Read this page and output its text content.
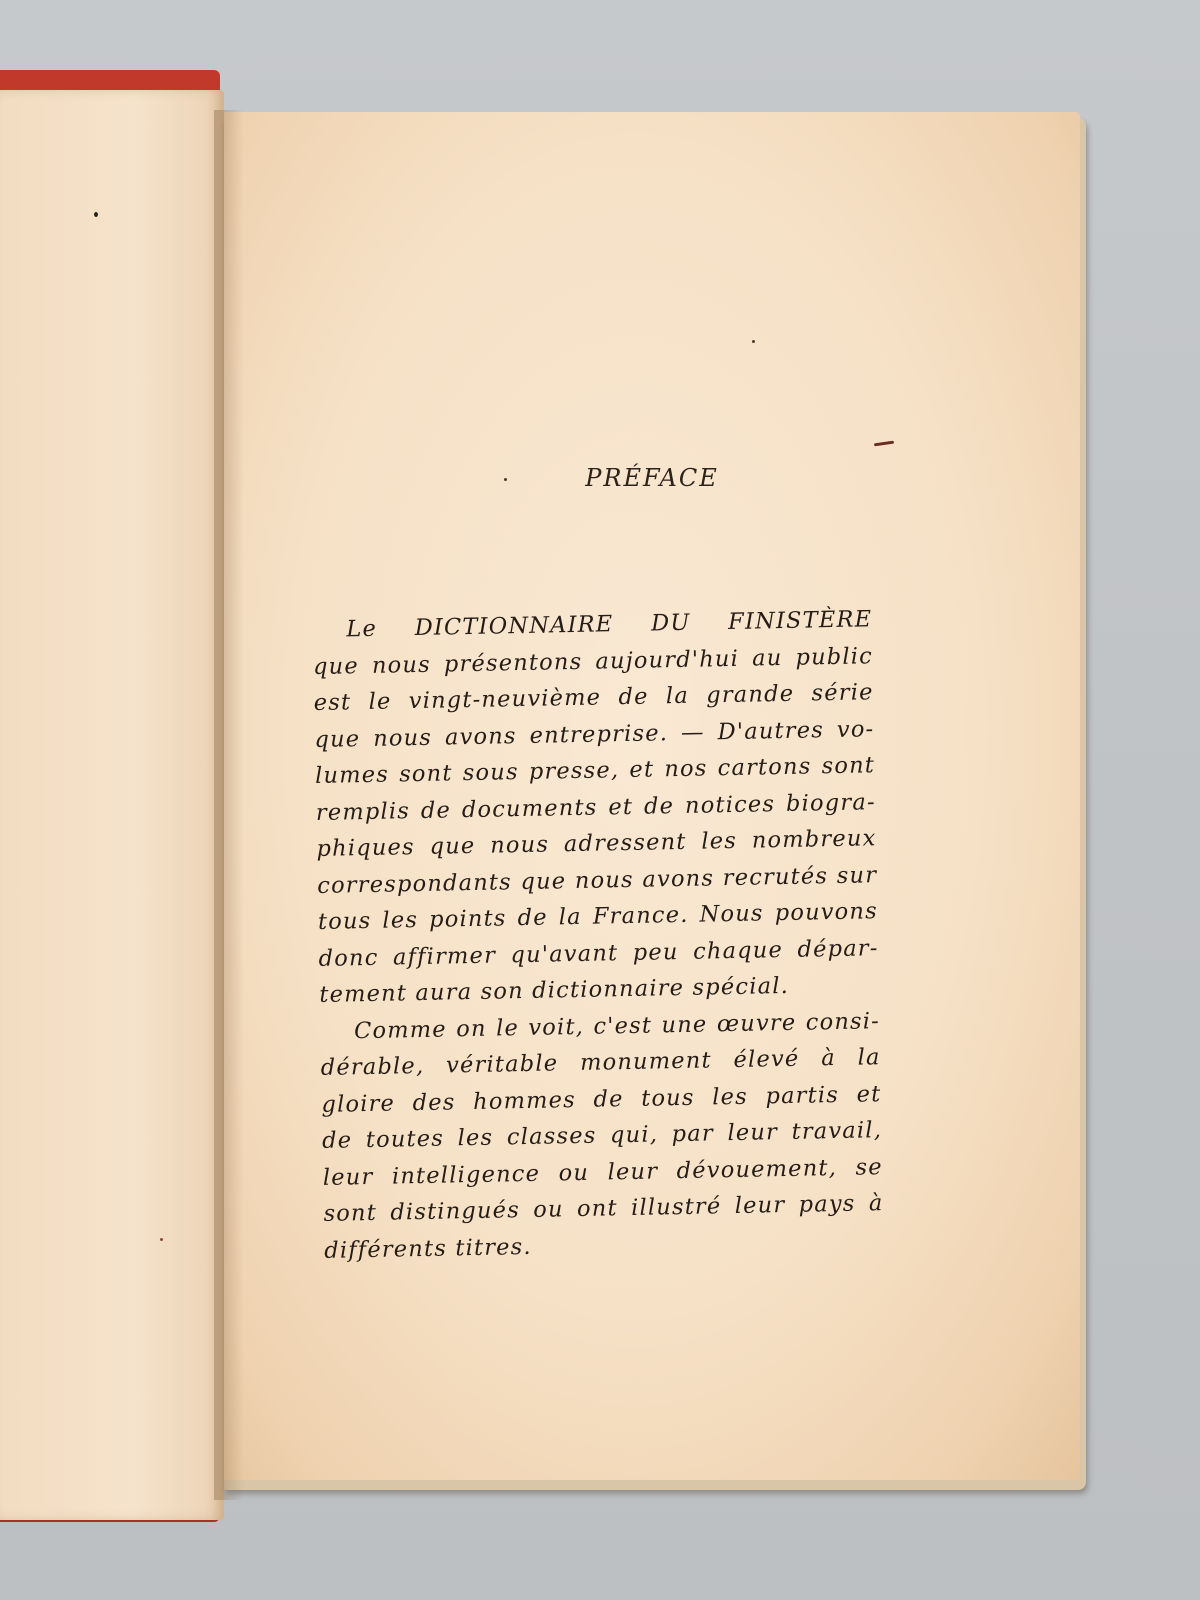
PRÉFACE
Le DICTIONNAIRE DU FINISTÈRE
que nous présentons aujourd'hui au public
est le vingt-neuvième de la grande série
que nous avons entreprise. — D'autres vo-
lumes sont sous presse, et nos cartons sont
remplis de documents et de notices biogra-
phiques que nous adressent les nombreux
correspondants que nous avons recrutés sur
tous les points de la France. Nous pouvons
donc affirmer qu'avant peu chaque dépar-
tement aura son dictionnaire spécial.
Comme on le voit, c'est une œuvre consi-
dérable, véritable monument élevé à la
gloire des hommes de tous les partis et
de toutes les classes qui, par leur travail,
leur intelligence ou leur dévouement, se
sont distingués ou ont illustré leur pays à
différents titres.
